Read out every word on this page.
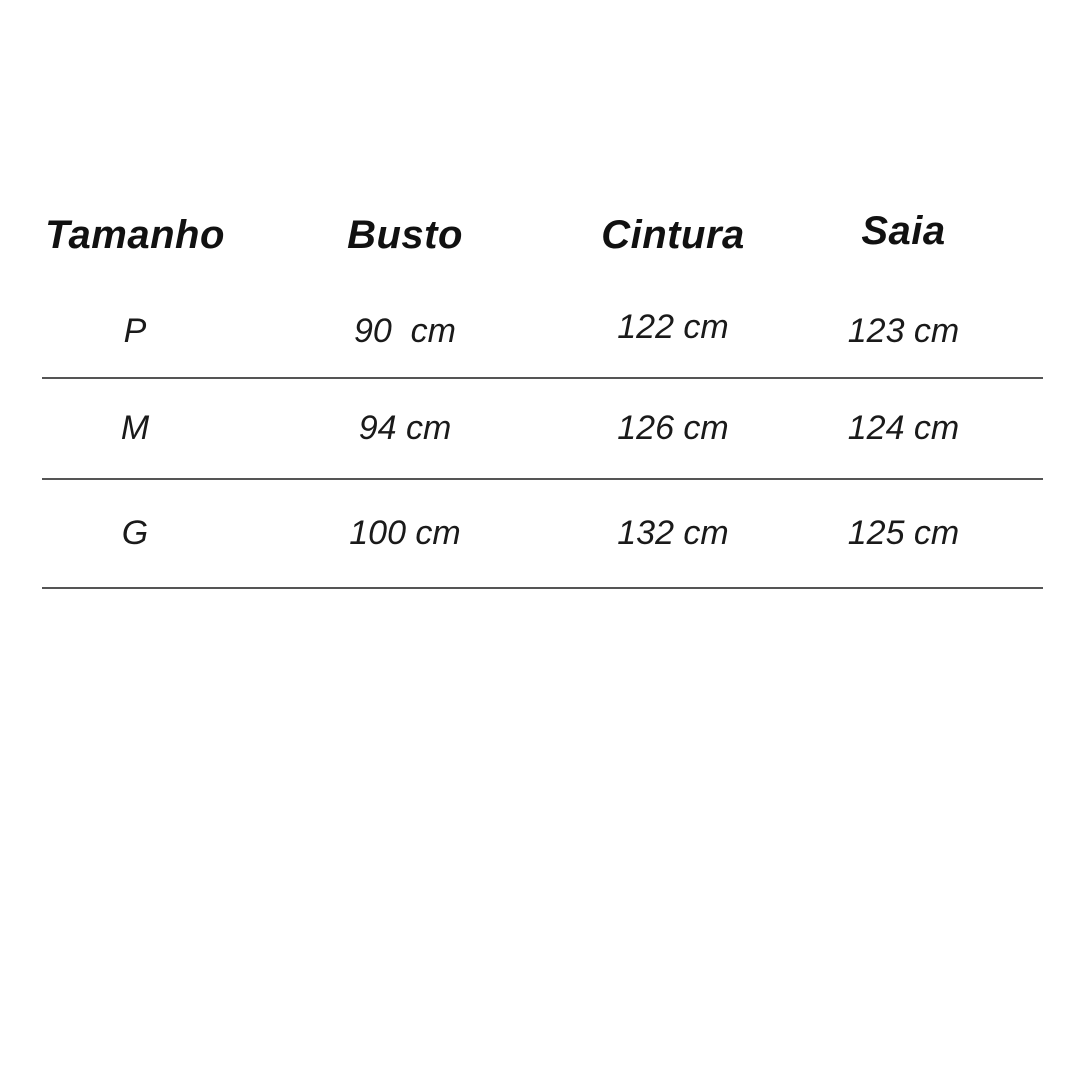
Tamanho	Busto	Cintura	Saia
P	90  cm	122 cm	123 cm
M	94 cm	126 cm	124 cm
G	100 cm	132 cm	125 cm
